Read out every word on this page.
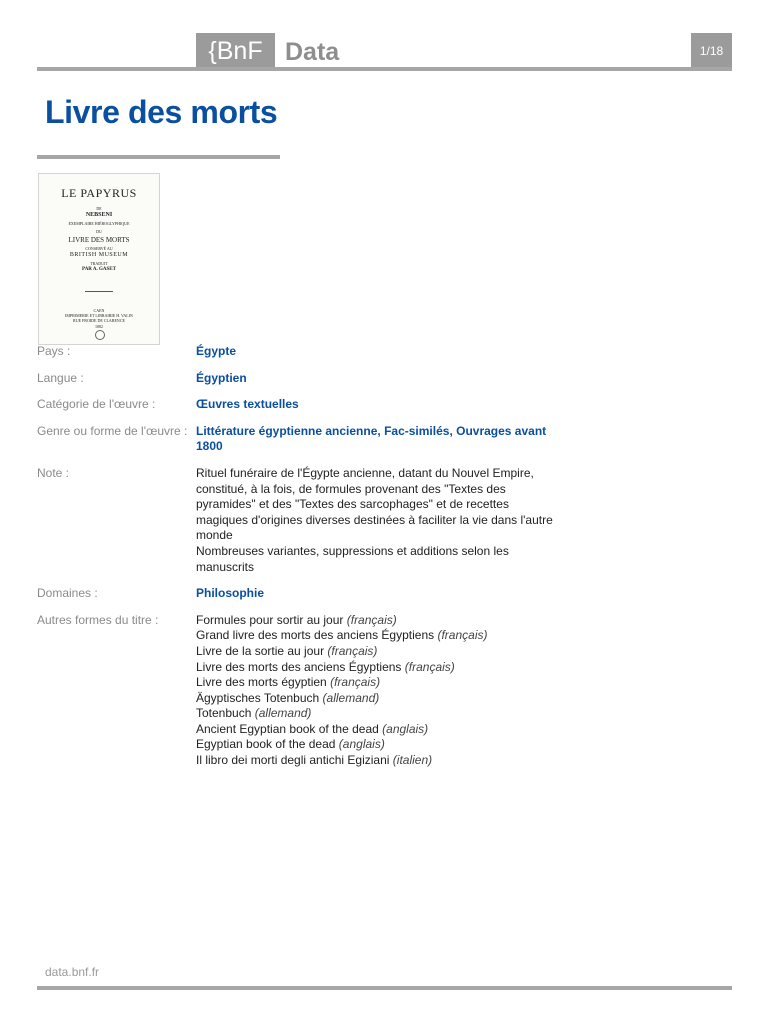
{BnF Data	1/18
Livre des morts
LE PAPYRUS
DE
NEBSENI
EXEMPLAIRE HIÉROGLYPHIQUE
DU
LIVRE DES MORTS
CONSERVÉ AU
BRITISH MUSEUM
TRADUIT
PAR A. GASET
CAEN
IMPRIMERIE ET LIBRAIRIE H. VALIN
RUE FROIDE DE CLARENCE
1882
Pays :	Égypte
Langue :	Égyptien
Catégorie de l'œuvre :	Œuvres textuelles
Genre ou forme de l'œuvre : Littérature égyptienne ancienne, Fac-similés, Ouvrages avant 1800
Note :	Rituel funéraire de l'Égypte ancienne, datant du Nouvel Empire, constitué, à la fois, de formules provenant des "Textes des pyramides" et des "Textes des sarcophages" et de recettes magiques d'origines diverses destinées à faciliter la vie dans l'autre monde
Nombreuses variantes, suppressions et additions selon les manuscrits
Domaines :	Philosophie
Autres formes du titre :	Formules pour sortir au jour (français)
Grand livre des morts des anciens Égyptiens (français)
Livre de la sortie au jour (français)
Livre des morts des anciens Égyptiens (français)
Livre des morts égyptien (français)
Ägyptisches Totenbuch (allemand)
Totenbuch (allemand)
Ancient Egyptian book of the dead (anglais)
Egyptian book of the dead (anglais)
Il libro dei morti degli antichi Egiziani (italien)
data.bnf.fr
